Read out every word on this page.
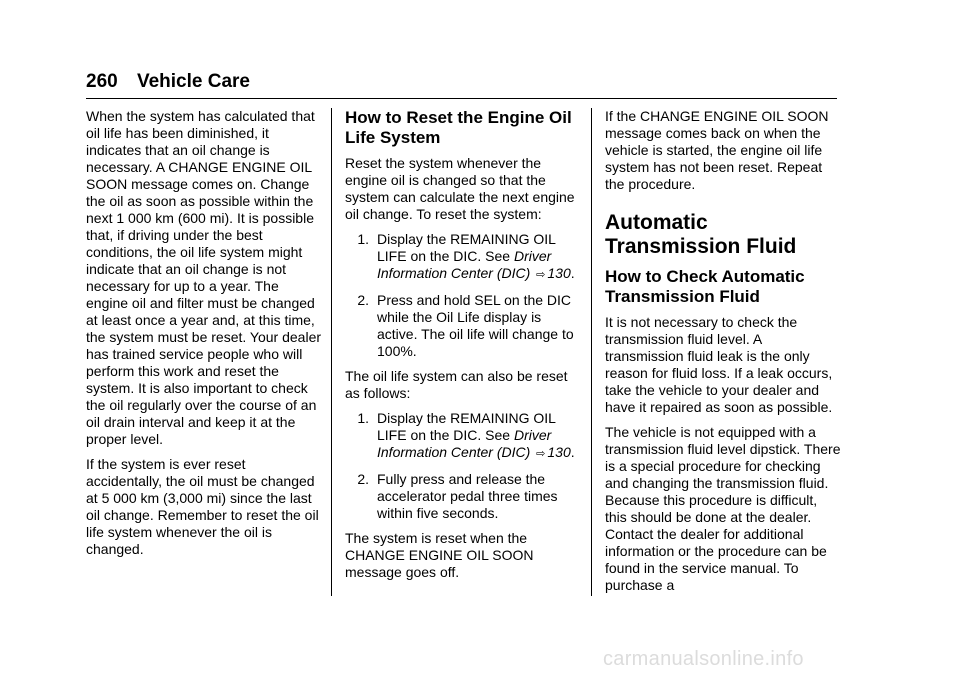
260 Vehicle Care

When the system has calculated that oil life has been diminished, it indicates that an oil change is necessary. A CHANGE ENGINE OIL SOON message comes on. Change the oil as soon as possible within the next 1 000 km (600 mi). It is possible that, if driving under the best conditions, the oil life system might indicate that an oil change is not necessary for up to a year. The engine oil and filter must be changed at least once a year and, at this time, the system must be reset. Your dealer has trained service people who will perform this work and reset the system. It is also important to check the oil regularly over the course of an oil drain interval and keep it at the proper level.

If the system is ever reset accidentally, the oil must be changed at 5 000 km (3,000 mi) since the last oil change. Remember to reset the oil life system whenever the oil is changed.

How to Reset the Engine Oil Life System

Reset the system whenever the engine oil is changed so that the system can calculate the next engine oil change. To reset the system:

1. Display the REMAINING OIL LIFE on the DIC. See Driver Information Center (DIC) ⇨ 130.
2. Press and hold SEL on the DIC while the Oil Life display is active. The oil life will change to 100%.

The oil life system can also be reset as follows:

1. Display the REMAINING OIL LIFE on the DIC. See Driver Information Center (DIC) ⇨ 130.
2. Fully press and release the accelerator pedal three times within five seconds.

The system is reset when the CHANGE ENGINE OIL SOON message goes off.

If the CHANGE ENGINE OIL SOON message comes back on when the vehicle is started, the engine oil life system has not been reset. Repeat the procedure.

Automatic Transmission Fluid
How to Check Automatic Transmission Fluid

It is not necessary to check the transmission fluid level. A transmission fluid leak is the only reason for fluid loss. If a leak occurs, take the vehicle to your dealer and have it repaired as soon as possible.

The vehicle is not equipped with a transmission fluid level dipstick. There is a special procedure for checking and changing the transmission fluid. Because this procedure is difficult, this should be done at the dealer. Contact the dealer for additional information or the procedure can be found in the service manual. To purchase a

carmanualsonline.info
